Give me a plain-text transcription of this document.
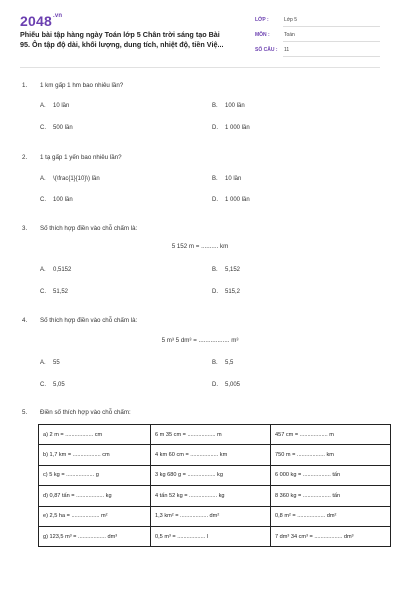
$2048^{.vn}$
Phiếu bài tập hàng ngày Toán lớp 5 Chân trời sáng tạo Bài 95. Ôn tập độ dài, khối lượng, dung tích, nhiệt độ, tiền Việ...
LỚP :	Lớp 5
MÔN :	Toán
SỐ CÂU : 11
1. 1 km gấp 1 hm bao nhiêu lần?
A. 10 lần	B. 100 lần
C. 500 lần	D. 1 000 lần
2. 1 tạ gấp 1 yến bao nhiêu lần?
A. \(\frac{1}{10}\) lần	B. 10 lần
C. 100 lần	D. 1 000 lần
3. Số thích hợp điền vào chỗ chấm là:
5 152 m = .......... km
A. 0,5152	B. 5,152
C. 51,52	D. 515,2
4. Số thích hợp điền vào chỗ chấm là:
5 m³ 5 dm³ = .................. m³
A. 55	B. 5,5
C. 5,05	D. 5,005
5. Điền số thích hợp vào chỗ chấm:
a) 2 m = .................. cm	6 m 35 cm = .................. m	457 cm = .................. m
b) 1,7 km = .................. cm	4 km 60 cm = .................. km	750 m = .................. km
c) 5 kg = .................. g	3 kg 680 g = .................. kg	6 000 kg = .................. tấn
d) 0,87 tấn = .................. kg	4 tấn 52 kg = .................. kg	8 360 kg = .................. tấn
e) 2,5 ha = .................. m²	1,3 km² = .................. dm²	0,8 m² = .................. dm²
g) 123,5 m³ = .................. dm³	0,5 m³ = .................. l	7 dm³ 34 cm³ = .................. dm³
